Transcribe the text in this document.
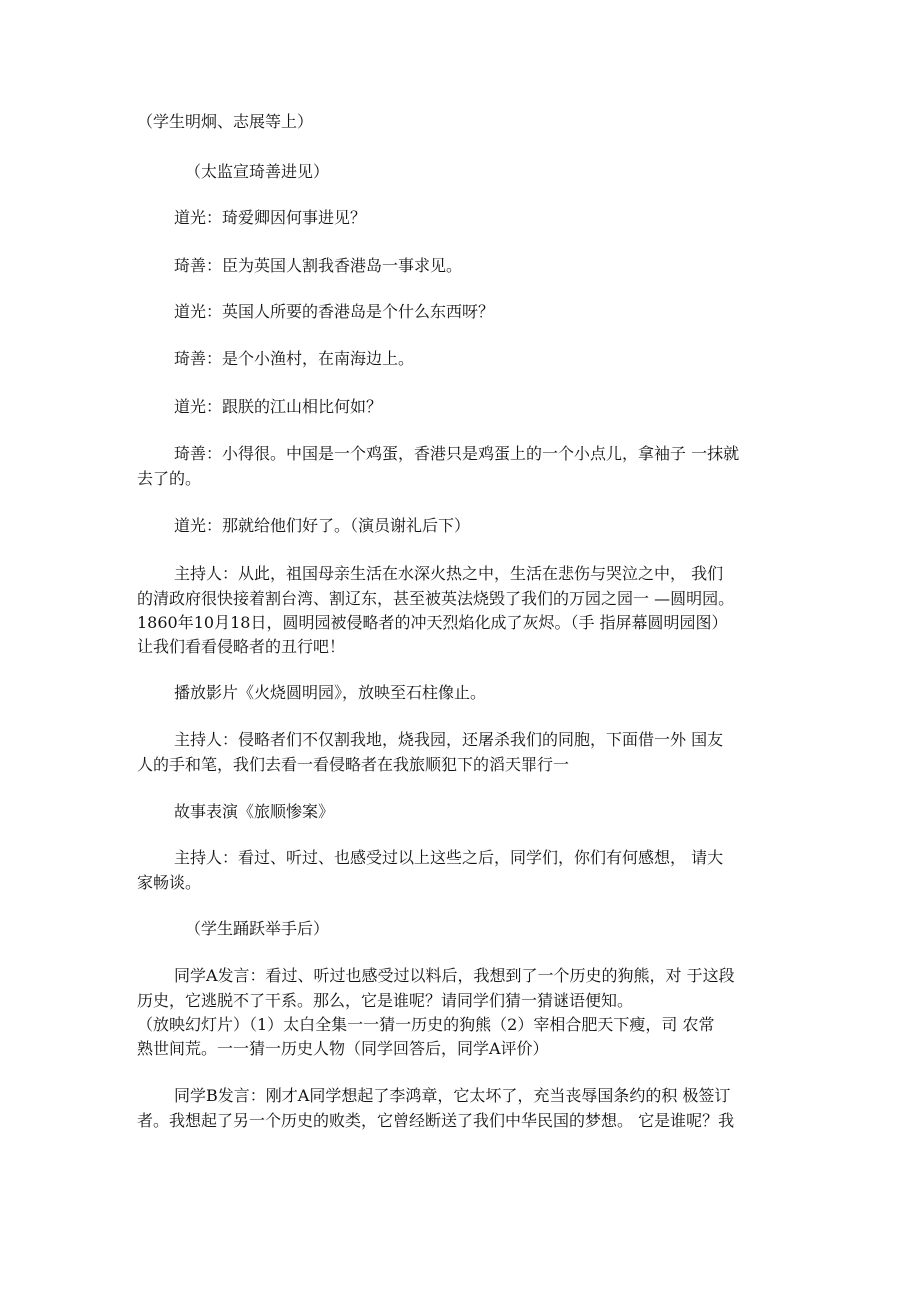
（学生明炯、志展等上）
（太监宣琦善进见）
道光：琦爱卿因何事进见？
琦善：臣为英国人割我香港岛一事求见。
道光：英国人所要的香港岛是个什么东西呀？
琦善：是个小渔村，在南海边上。
道光：跟朕的江山相比何如？
琦善：小得很。中国是一个鸡蛋，香港只是鸡蛋上的一个小点儿，拿袖子 一抹就
去了的。
道光：那就给他们好了。（演员谢礼后下）
主持人：从此，祖国母亲生活在水深火热之中，生活在悲伤与哭泣之中， 我们
的清政府很快接着割台湾、割辽东，甚至被英法烧毁了我们的万园之园一 —圆明园。
1860年10月18日，圆明园被侵略者的冲天烈焰化成了灰烬。（手 指屏幕圆明园图）
让我们看看侵略者的丑行吧！
播放影片《火烧圆明园》，放映至石柱像止。
主持人：侵略者们不仅割我地，烧我园，还屠杀我们的同胞，下面借一外 国友
人的手和笔，我们去看一看侵略者在我旅顺犯下的滔天罪行一
故事表演《旅顺惨案》
主持人：看过、听过、也感受过以上这些之后，同学们，你们有何感想， 请大
家畅谈。
（学生踊跃举手后）
同学A发言：看过、听过也感受过以料后，我想到了一个历史的狗熊，对 于这段
历史，它逃脱不了干系。那么，它是谁呢？请同学们猜一猜谜语便知。
（放映幻灯片）（1）太白全集一一猜一历史的狗熊（2）宰相合肥天下瘦，司 农常
熟世间荒。一一猜一历史人物（同学回答后，同学A评价）
同学B发言：刚才A同学想起了李鸿章，它太坏了，充当丧辱国条约的积 极签订
者。我想起了另一个历史的败类，它曾经断送了我们中华民国的梦想。 它是谁呢？我
